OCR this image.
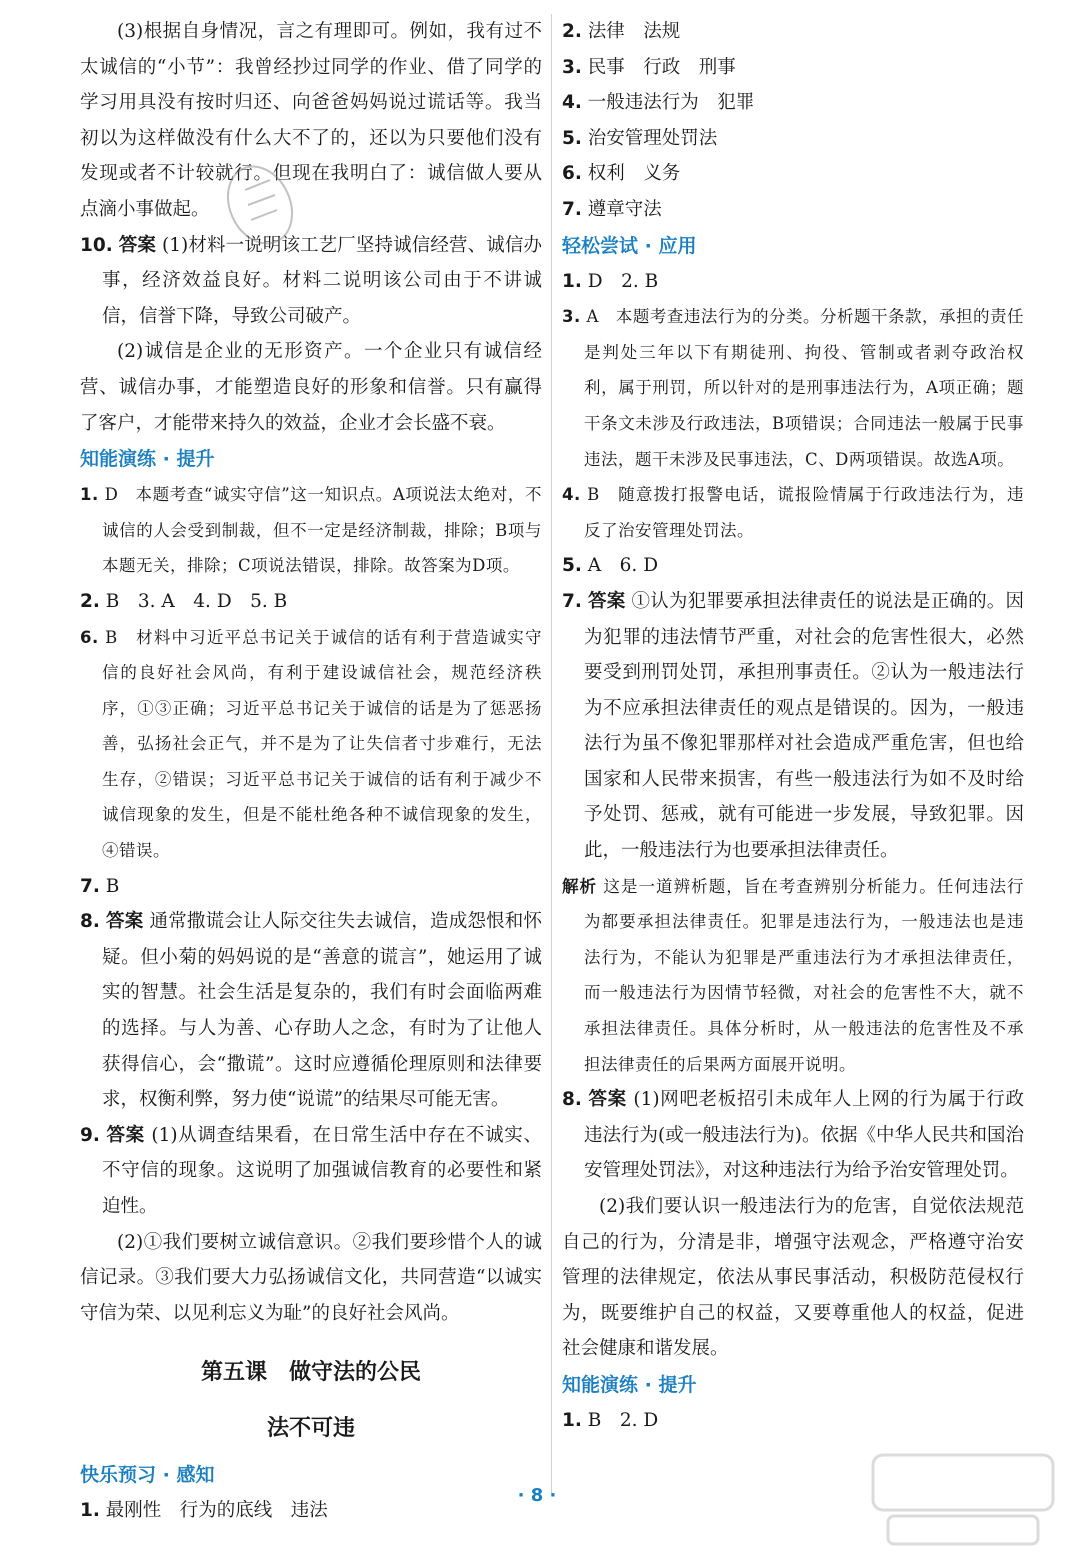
(3)根据自身情况，言之有理即可。例如，我有过不太诚信的“小节”：我曾经抄过同学的作业、借了同学的学习用具没有按时归还、向爸爸妈妈说过谎话等。我当初以为这样做没有什么大不了的，还以为只要他们没有发现或者不计较就行。但现在我明白了：诚信做人要从点滴小事做起。

10. 答案 (1)材料一说明该工艺厂坚持诚信经营、诚信办事，经济效益良好。材料二说明该公司由于不讲诚信，信誉下降，导致公司破产。

(2)诚信是企业的无形资产。一个企业只有诚信经营、诚信办事，才能塑造良好的形象和信誉。只有赢得了客户，才能带来持久的效益，企业才会长盛不衰。

知能演练 · 提升

1. D　本题考查“诚实守信”这一知识点。A项说法太绝对，不诚信的人会受到制裁，但不一定是经济制裁，排除；B项与本题无关，排除；C项说法错误，排除。故答案为D项。

2. B　3. A　4. D　5. B

6. B　材料中习近平总书记关于诚信的话有利于营造诚实守信的良好社会风尚，有利于建设诚信社会，规范经济秩序，①③正确；习近平总书记关于诚信的话是为了惩恶扬善，弘扬社会正气，并不是为了让失信者寸步难行，无法生存，②错误；习近平总书记关于诚信的话有利于减少不诚信现象的发生，但是不能杜绝各种不诚信现象的发生，④错误。

7. B

8. 答案 通常撒谎会让人际交往失去诚信，造成怨恨和怀疑。但小菊的妈妈说的是“善意的谎言”，她运用了诚实的智慧。社会生活是复杂的，我们有时会面临两难的选择。与人为善、心存助人之念，有时为了让他人获得信心，会“撒谎”。这时应遵循伦理原则和法律要求，权衡利弊，努力使“说谎”的结果尽可能无害。

9. 答案 (1)从调查结果看，在日常生活中存在不诚实、不守信的现象。这说明了加强诚信教育的必要性和紧迫性。

(2)①我们要树立诚信意识。②我们要珍惜个人的诚信记录。③我们要大力弘扬诚信文化，共同营造“以诚实守信为荣、以见利忘义为耻”的良好社会风尚。

第五课　做守法的公民
法不可违
快乐预习 · 感知

1. 最刚性　行为的底线　违法

2. 法律　法规

3. 民事　行政　刑事

4. 一般违法行为　犯罪

5. 治安管理处罚法

6. 权利　义务

7. 遵章守法

轻松尝试 · 应用

1. D　2. B

3. A　本题考查违法行为的分类。分析题干条款，承担的责任是判处三年以下有期徒刑、拘役、管制或者剥夺政治权利，属于刑罚，所以针对的是刑事违法行为，A项正确；题干条文未涉及行政违法，B项错误；合同违法一般属于民事违法，题干未涉及民事违法，C、D两项错误。故选A项。

4. B　随意拨打报警电话，谎报险情属于行政违法行为，违反了治安管理处罚法。

5. A　6. D

7. 答案 ①认为犯罪要承担法律责任的说法是正确的。因为犯罪的违法情节严重，对社会的危害性很大，必然要受到刑罚处罚，承担刑事责任。②认为一般违法行为不应承担法律责任的观点是错误的。因为，一般违法行为虽不像犯罪那样对社会造成严重危害，但也给国家和人民带来损害，有些一般违法行为如不及时给予处罚、惩戒，就有可能进一步发展，导致犯罪。因此，一般违法行为也要承担法律责任。

解析 这是一道辨析题，旨在考查辨别分析能力。任何违法行为都要承担法律责任。犯罪是违法行为，一般违法也是违法行为，不能认为犯罪是严重违法行为才承担法律责任，而一般违法行为因情节轻微，对社会的危害性不大，就不承担法律责任。具体分析时，从一般违法的危害性及不承担法律责任的后果两方面展开说明。

8. 答案 (1)网吧老板招引未成年人上网的行为属于行政违法行为(或一般违法行为)。依据《中华人民共和国治安管理处罚法》，对这种违法行为给予治安管理处罚。

(2)我们要认识一般违法行为的危害，自觉依法规范自己的行为，分清是非，增强守法观念，严格遵守治安管理的法律规定，依法从事民事活动，积极防范侵权行为，既要维护自己的权益，又要尊重他人的权益，促进社会健康和谐发展。

知能演练 · 提升

1. B　2. D

· 8 ·
